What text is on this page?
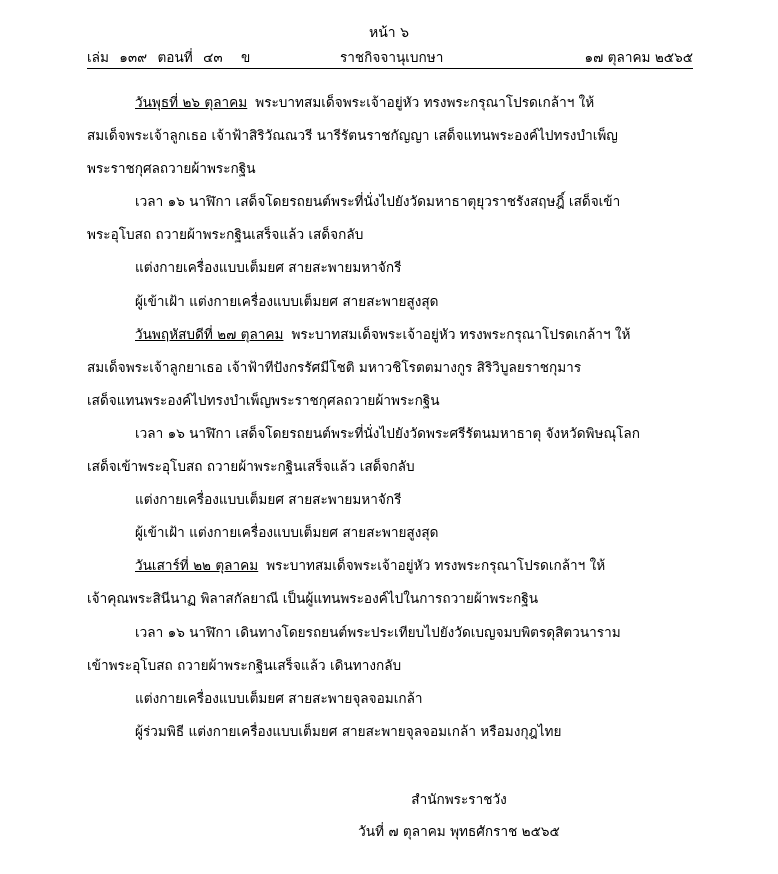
หน้า ๖
เล่ม ๑๓๙ ตอนที่ ๔๓ ข	ราชกิจจานุเบกษา	๑๗ ตุลาคม ๒๕๖๕
วันพุธที่ ๒๖ ตุลาคม พระบาทสมเด็จพระเจ้าอยู่หัว ทรงพระกรุณาโปรดเกล้าฯ ให้
สมเด็จพระเจ้าลูกเธอ เจ้าฟ้าสิริวัณณวรี นารีรัตนราชกัญญา เสด็จแทนพระองค์ไปทรงบำเพ็ญ
พระราชกุศลถวายผ้าพระกฐิน
เวลา ๑๖ นาฬิกา เสด็จโดยรถยนต์พระที่นั่งไปยังวัดมหาธาตุยุวราชรังสฤษฎิ์ เสด็จเข้า
พระอุโบสถ ถวายผ้าพระกฐินเสร็จแล้ว เสด็จกลับ
แต่งกายเครื่องแบบเต็มยศ สายสะพายมหาจักรี
ผู้เข้าเฝ้า แต่งกายเครื่องแบบเต็มยศ สายสะพายสูงสุด
วันพฤหัสบดีที่ ๒๗ ตุลาคม พระบาทสมเด็จพระเจ้าอยู่หัว ทรงพระกรุณาโปรดเกล้าฯ ให้
สมเด็จพระเจ้าลูกยาเธอ เจ้าฟ้าทีปังกรรัศมีโชติ มหาวชิโรตตมางกูร สิริวิบูลยราชกุมาร
เสด็จแทนพระองค์ไปทรงบำเพ็ญพระราชกุศลถวายผ้าพระกฐิน
เวลา ๑๖ นาฬิกา เสด็จโดยรถยนต์พระที่นั่งไปยังวัดพระศรีรัตนมหาธาตุ จังหวัดพิษณุโลก
เสด็จเข้าพระอุโบสถ ถวายผ้าพระกฐินเสร็จแล้ว เสด็จกลับ
แต่งกายเครื่องแบบเต็มยศ สายสะพายมหาจักรี
ผู้เข้าเฝ้า แต่งกายเครื่องแบบเต็มยศ สายสะพายสูงสุด
วันเสาร์ที่ ๒๒ ตุลาคม พระบาทสมเด็จพระเจ้าอยู่หัว ทรงพระกรุณาโปรดเกล้าฯ ให้
เจ้าคุณพระสินีนาฏ พิลาสกัลยาณี เป็นผู้แทนพระองค์ไปในการถวายผ้าพระกฐิน
เวลา ๑๖ นาฬิกา เดินทางโดยรถยนต์พระประเทียบไปยังวัดเบญจมบพิตรดุสิตวนาราม
เข้าพระอุโบสถ ถวายผ้าพระกฐินเสร็จแล้ว เดินทางกลับ
แต่งกายเครื่องแบบเต็มยศ สายสะพายจุลจอมเกล้า
ผู้ร่วมพิธี แต่งกายเครื่องแบบเต็มยศ สายสะพายจุลจอมเกล้า หรือมงกุฎไทย
สำนักพระราชวัง
วันที่ ๗ ตุลาคม พุทธศักราช ๒๕๖๕
